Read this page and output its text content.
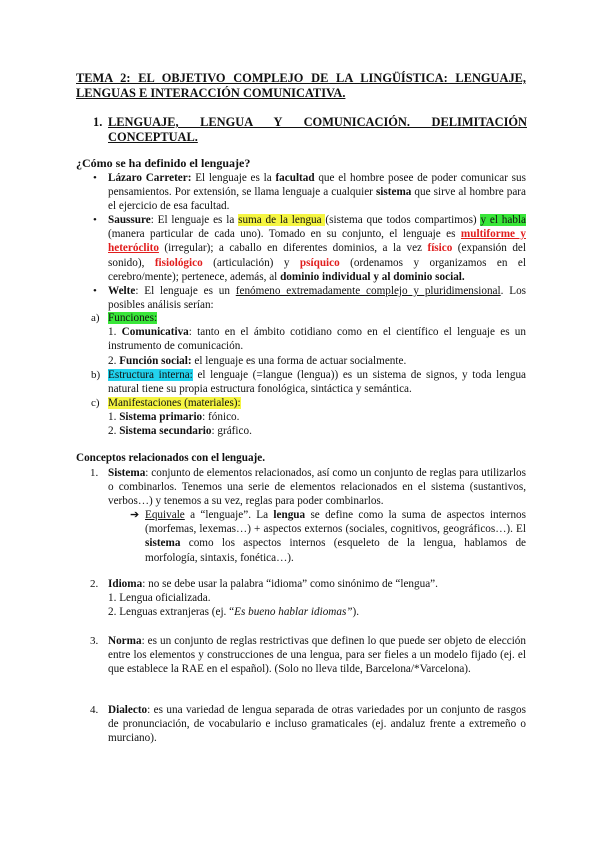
TEMA 2: EL OBJETIVO COMPLEJO DE LA LINGÜÍSTICA: LENGUAJE,
LENGUAS E INTERACCIÓN COMUNICATIVA.
1. LENGUAJE, LENGUA Y COMUNICACIÓN. DELIMITACIÓN
CONCEPTUAL.
¿Cómo se ha definido el lenguaje?
• Lázaro Carreter: El lenguaje es la facultad que el hombre posee de poder comunicar sus pensamientos. Por extensión, se llama lenguaje a cualquier sistema que sirve al hombre para el ejercicio de esa facultad.
• Saussure: El lenguaje es la suma de la lengua (sistema que todos compartimos) y el habla (manera particular de cada uno). Tomado en su conjunto, el lenguaje es multiforme y heteróclito (irregular); a caballo en diferentes dominios, a la vez físico (expansión del sonido), fisiológico (articulación) y psíquico (ordenamos y organizamos en el cerebro/mente); pertenece, además, al dominio individual y al dominio social.
• Welte: El lenguaje es un fenómeno extremadamente complejo y pluridimensional. Los posibles análisis serían:
a) Funciones:
1. Comunicativa: tanto en el ámbito cotidiano como en el científico el lenguaje es un instrumento de comunicación.
2. Función social: el lenguaje es una forma de actuar socialmente.
b) Estructura interna: el lenguaje (=langue (lengua)) es un sistema de signos, y toda lengua natural tiene su propia estructura fonológica, sintáctica y semántica.
c) Manifestaciones (materiales):
1. Sistema primario: fónico.
2. Sistema secundario: gráfico.
Conceptos relacionados con el lenguaje.
1. Sistema: conjunto de elementos relacionados, así como un conjunto de reglas para utilizarlos o combinarlos. Tenemos una serie de elementos relacionados en el sistema (sustantivos, verbos…) y tenemos a su vez, reglas para poder combinarlos.
➔ Equivale a “lenguaje”. La lengua se define como la suma de aspectos internos (morfemas, lexemas…) + aspectos externos (sociales, cognitivos, geográficos…). El sistema como los aspectos internos (esqueleto de la lengua, hablamos de morfología, sintaxis, fonética…).
2. Idioma: no se debe usar la palabra “idioma” como sinónimo de “lengua”.
1. Lengua oficializada.
2. Lenguas extranjeras (ej. “Es bueno hablar idiomas”).
3. Norma: es un conjunto de reglas restrictivas que definen lo que puede ser objeto de elección entre los elementos y construcciones de una lengua, para ser fieles a un modelo fijado (ej. el que establece la RAE en el español). (Solo no lleva tilde, Barcelona/*Varcelona).
4. Dialecto: es una variedad de lengua separada de otras variedades por un conjunto de rasgos de pronunciación, de vocabulario e incluso gramaticales (ej. andaluz frente a extremeño o murciano).
